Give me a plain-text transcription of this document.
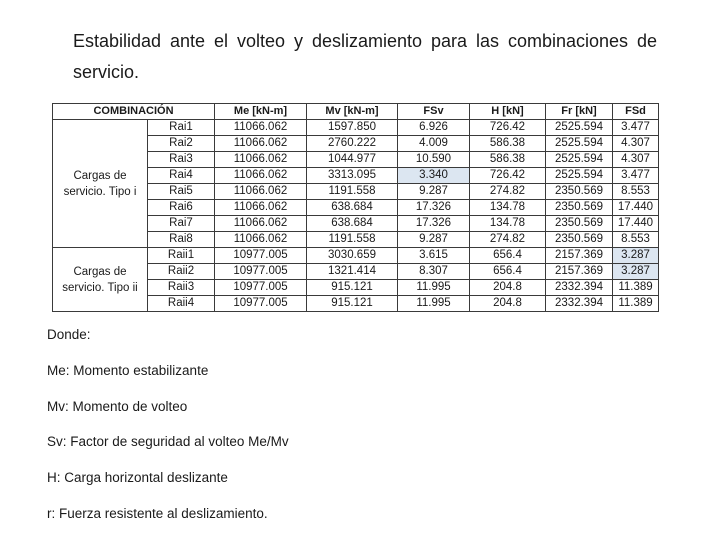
Estabilidad ante el volteo y deslizamiento para las combinaciones de servicio.
COMBINACIÓN		Me [kN-m]	Mv [kN-m]	FSv	H [kN]	Fr [kN]	FSd
Cargas de servicio. Tipo i	Rai1	11066.062	1597.850	6.926	726.42	2525.594	3.477
	Rai2	11066.062	2760.222	4.009	586.38	2525.594	4.307
	Rai3	11066.062	1044.977	10.590	586.38	2525.594	4.307
	Rai4	11066.062	3313.095	3.340	726.42	2525.594	3.477
	Rai5	11066.062	1191.558	9.287	274.82	2350.569	8.553
	Rai6	11066.062	638.684	17.326	134.78	2350.569	17.440
	Rai7	11066.062	638.684	17.326	134.78	2350.569	17.440
	Rai8	11066.062	1191.558	9.287	274.82	2350.569	8.553
Cargas de servicio. Tipo ii	Raii1	10977.005	3030.659	3.615	656.4	2157.369	3.287
	Raii2	10977.005	1321.414	8.307	656.4	2157.369	3.287
	Raii3	10977.005	915.121	11.995	204.8	2332.394	11.389
	Raii4	10977.005	915.121	11.995	204.8	2332.394	11.389
Donde:
Me: Momento estabilizante
Mv: Momento de volteo
Sv: Factor de seguridad al volteo Me/Mv
H: Carga horizontal deslizante
r: Fuerza resistente al deslizamiento.
